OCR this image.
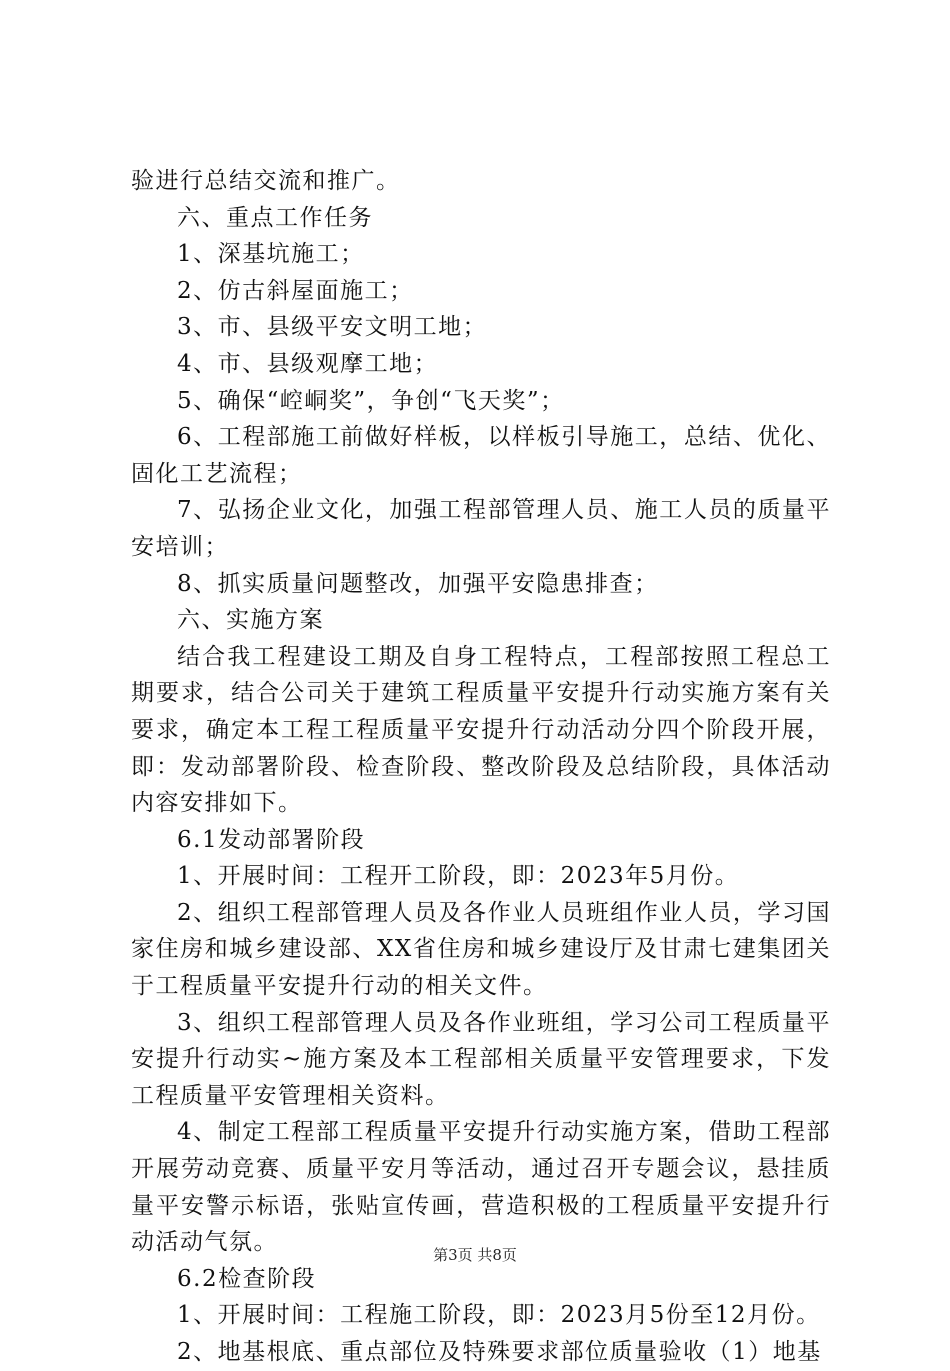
验进行总结交流和推广。

六、重点工作任务

1、深基坑施工；

2、仿古斜屋面施工；

3、市、县级平安文明工地；

4、市、县级观摩工地；

5、确保“崆峒奖”，争创“飞天奖”；

6、工程部施工前做好样板，以样板引导施工，总结、优化、固化工艺流程；

7、弘扬企业文化，加强工程部管理人员、施工人员的质量平安培训；

8、抓实质量问题整改，加强平安隐患排查；

六、实施方案

结合我工程建设工期及自身工程特点，工程部按照工程总工期要求，结合公司关于建筑工程质量平安提升行动实施方案有关要求，确定本工程工程质量平安提升行动活动分四个阶段开展，即：发动部署阶段、检查阶段、整改阶段及总结阶段，具体活动内容安排如下。

6.1发动部署阶段

1、开展时间：工程开工阶段，即：2023年5月份。

2、组织工程部管理人员及各作业人员班组作业人员，学习国家住房和城乡建设部、XX省住房和城乡建设厅及甘肃七建集团关于工程质量平安提升行动的相关文件。

3、组织工程部管理人员及各作业班组，学习公司工程质量平安提升行动实~施方案及本工程部相关质量平安管理要求，下发工程质量平安管理相关资料。

4、制定工程部工程质量平安提升行动实施方案，借助工程部开展劳动竞赛、质量平安月等活动，通过召开专题会议，悬挂质量平安警示标语，张贴宣传画，营造积极的工程质量平安提升行动活动气氛。

6.2检查阶段

1、开展时间：工程施工阶段，即：2023月5份至12月份。

2、地基根底、重点部位及特殊要求部位质量验收（1）地基

第3页 共8页
